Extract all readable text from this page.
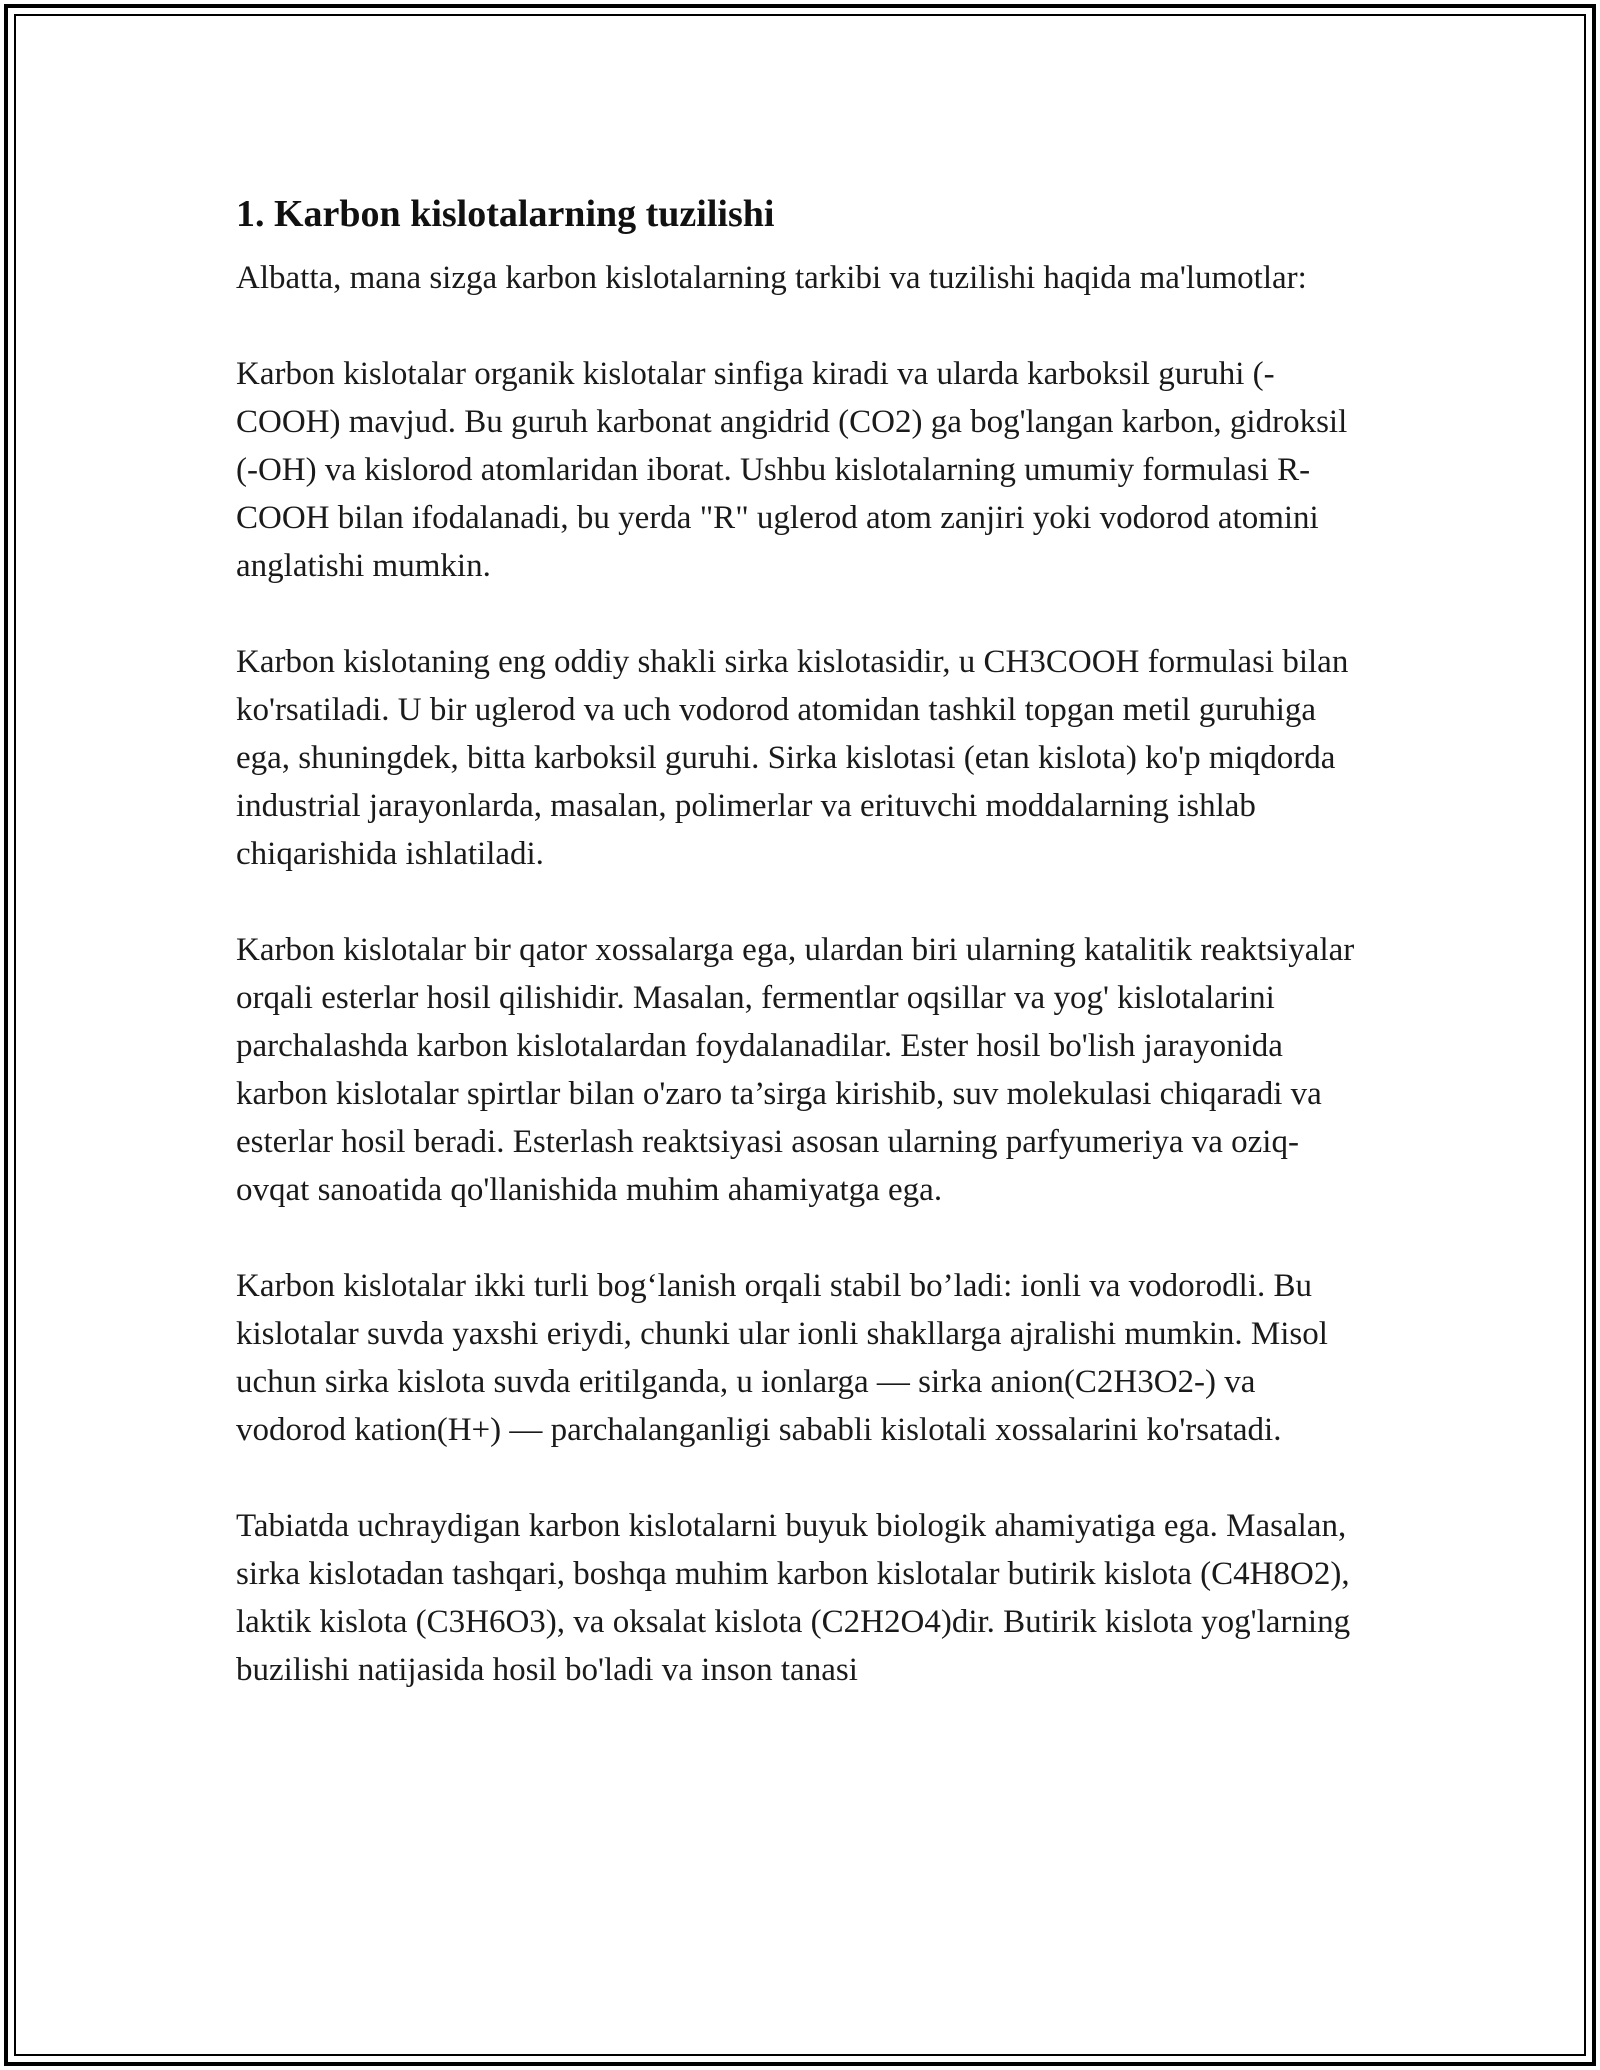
1. Karbon kislotalarning tuzilishi

Albatta, mana sizga karbon kislotalarning tarkibi va tuzilishi haqida ma'lumotlar:

Karbon kislotalar organik kislotalar sinfiga kiradi va ularda karboksil guruhi (-COOH) mavjud. Bu guruh karbonat angidrid (CO2) ga bog'langan karbon, gidroksil (-OH) va kislorod atomlaridan iborat. Ushbu kislotalarning umumiy formulasi R-COOH bilan ifodalanadi, bu yerda "R" uglerod atom zanjiri yoki vodorod atomini anglatishi mumkin.

Karbon kislotaning eng oddiy shakli sirka kislotasidir, u CH3COOH formulasi bilan ko'rsatiladi. U bir uglerod va uch vodorod atomidan tashkil topgan metil guruhiga ega, shuningdek, bitta karboksil guruhi. Sirka kislotasi (etan kislota) ko'p miqdorda industrial jarayonlarda, masalan, polimerlar va erituvchi moddalarning ishlab chiqarishida ishlatiladi.

Karbon kislotalar bir qator xossalarga ega, ulardan biri ularning katalitik reaktsiyalar orqali esterlar hosil qilishidir. Masalan, fermentlar oqsillar va yog' kislotalarini parchalashda karbon kislotalardan foydalanadilar. Ester hosil bo'lish jarayonida karbon kislotalar spirtlar bilan o'zaro ta’sirga kirishib, suv molekulasi chiqaradi va esterlar hosil beradi. Esterlash reaktsiyasi asosan ularning parfyumeriya va oziq-ovqat sanoatida qo'llanishida muhim ahamiyatga ega.

Karbon kislotalar ikki turli bog‘lanish orqali stabil bo’ladi: ionli va vodorodli. Bu kislotalar suvda yaxshi eriydi, chunki ular ionli shakllarga ajralishi mumkin. Misol uchun sirka kislota suvda eritilganda, u ionlarga — sirka anion(C2H3O2-) va vodorod kation(H+) — parchalanganligi sababli kislotali xossalarini ko'rsatadi.

Tabiatda uchraydigan karbon kislotalarni buyuk biologik ahamiyatiga ega. Masalan, sirka kislotadan tashqari, boshqa muhim karbon kislotalar butirik kislota (C4H8O2), laktik kislota (C3H6O3), va oksalat kislota (C2H2O4)dir. Butirik kislota yog'larning buzilishi natijasida hosil bo'ladi va inson tanasi
